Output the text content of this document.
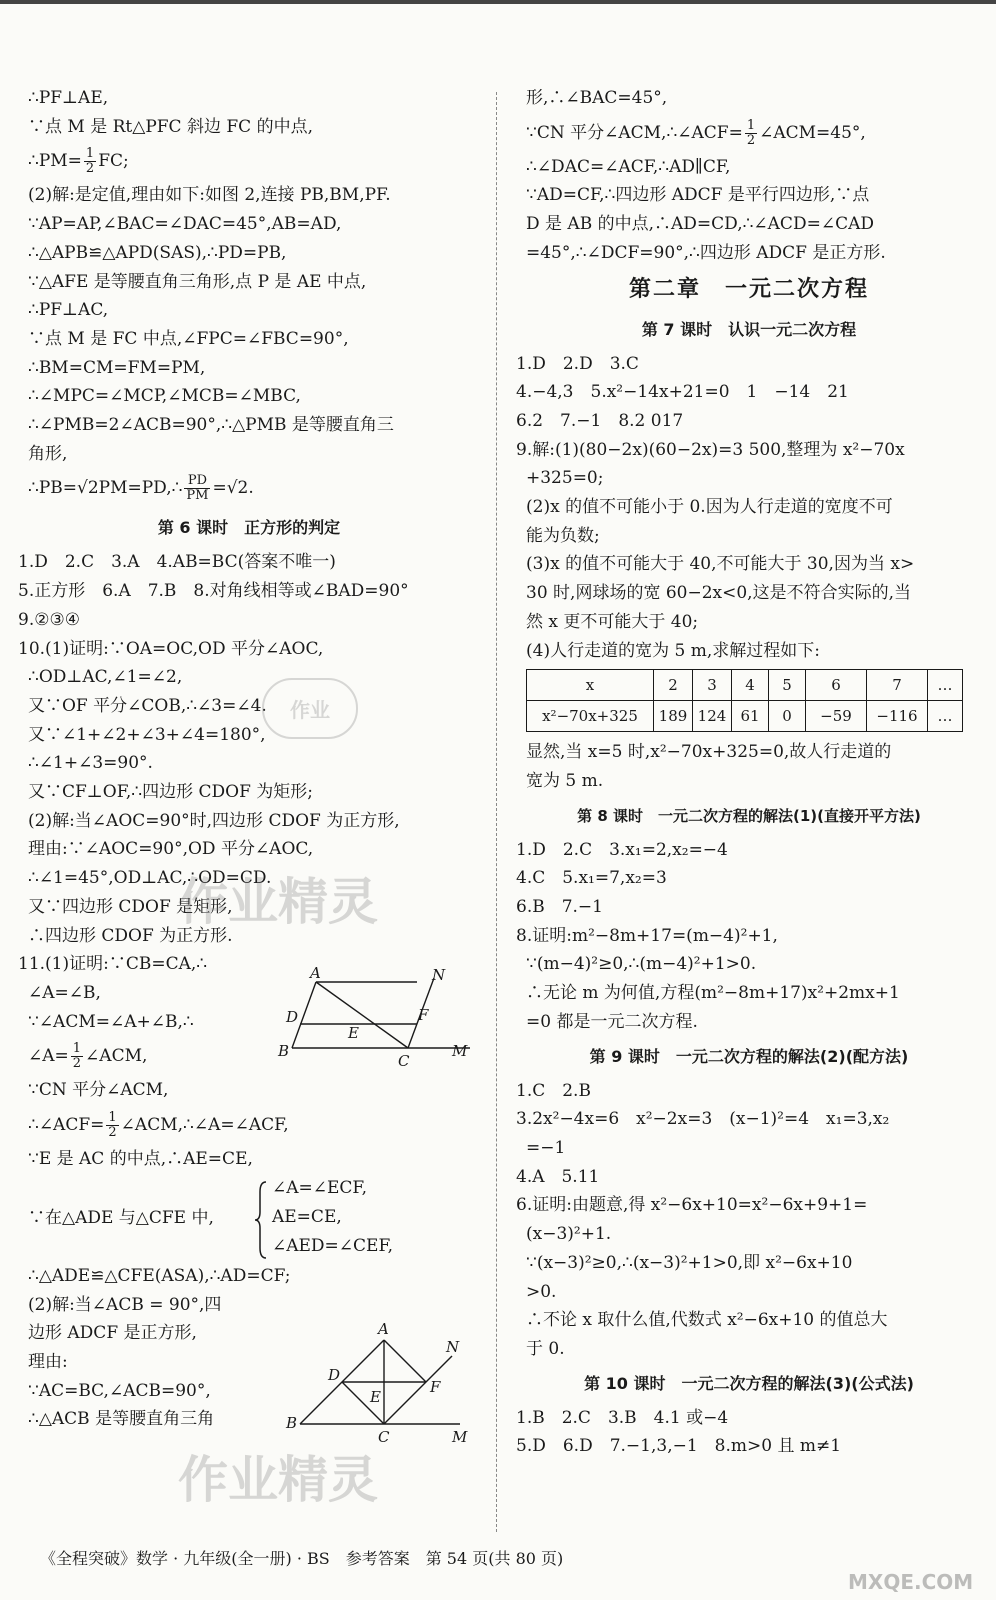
∴PF⊥AE,
∵点 M 是 Rt△PFC 斜边 FC 的中点,
∴PM= $\frac{1}{2}$ FC;
(2)解:是定值,理由如下:如图 2,连接 PB,BM,PF.
∵AP=AP,∠BAC=∠DAC=45°,AB=AD,
∴△APB≌△APD(SAS),∴PD=PB,
∵△AFE 是等腰直角三角形,点 P 是 AE 中点,
∴PF⊥AC,
∵点 M 是 FC 中点,∠FPC=∠FBC=90°,
∴BM=CM=FM=PM,
∴∠MPC=∠MCP,∠MCB=∠MBC,
∴∠PMB=2∠ACB=90°,∴△PMB 是等腰直角三
角形,
∴PB=√2PM=PD,∴ $\frac{PD}{PM} =√2$.
第 6 课时　正方形的判定
1.D　2.C　3.A　4.AB=BC(答案不唯一)
5.正方形　6.A　7.B　8.对角线相等或∠BAD=90°
9.②③④
10.(1)证明:∵OA=OC,OD 平分∠AOC,
∴OD⊥AC,∠1=∠2,
又∵OF 平分∠COB,∴∠3=∠4.
又∵∠1+∠2+∠3+∠4=180°,
∴∠1+∠3=90°.
又∵CF⊥OF,∴四边形 CDOF 为矩形;
(2)解:当∠AOC=90°时,四边形 CDOF 为正方形,
理由:∵∠AOC=90°,OD 平分∠AOC,
∴∠1=45°,OD⊥AC,∴OD=CD.
又∵四边形 CDOF 是矩形,
∴四边形 CDOF 为正方形.
11.(1)证明:∵CB=CA,∴
∠A=∠B,
∵∠ACM=∠A+∠B,∴
∠A= $\frac{1}{2}$ ∠ACM,
∵CN 平分∠ACM,
∴∠ACF= $\frac{1}{2}$ ∠ACM,∴∠A=∠ACF,
∵E 是 AC 的中点,∴AE=CE,
∵在△ADE 与△CFE 中,
∠A=∠ECF,
AE=CE,
∠AED=∠CEF,
∴△ADE≌△CFE(ASA),∴AD=CF;
(2)解:当∠ACB = 90°,四
边形 ADCF 是正方形,
理由:
∵AC=BC,∠ACB=90°,
∴△ACB 是等腰直角三角
A
B
C
D
E
F
M
N
A
B
C
D
E
F
M
N
形,∴∠BAC=45°,
∵CN 平分∠ACM,∴∠ACF= $\frac{1}{2}$ ∠ACM=45°,
∴∠DAC=∠ACF,∴AD∥CF,
∵AD=CF,∴四边形 ADCF 是平行四边形,∵点
D 是 AB 的中点,∴AD=CD,∴∠ACD=∠CAD
=45°,∴∠DCF=90°,∴四边形 ADCF 是正方形.
第二章　一元二次方程
第 7 课时　认识一元二次方程
1.D　2.D　3.C
4.−4,3　5.x²−14x+21=0　1　−14　21
6.2　7.−1　8.2 017
9.解:(1)(80−2x)(60−2x)=3 500,整理为 x²−70x
+325=0;
(2)x 的值不可能小于 0.因为人行走道的宽度不可
能为负数;
(3)x 的值不可能大于 40,不可能大于 30,因为当 x>
30 时,网球场的宽 60−2x<0,这是不符合实际的,当
然 x 更不可能大于 40;
(4)人行走道的宽为 5 m,求解过程如下:
x	2	3	4	5	6	7	…
x²−70x+325	189	124	61	0	−59	−116	…
显然,当 x=5 时,x²−70x+325=0,故人行走道的
宽为 5 m.
第 8 课时　一元二次方程的解法(1)(直接开平方法)
1.D　2.C　3.x₁=2,x₂=−4
4.C　5.x₁=7,x₂=3
6.B　7.−1
8.证明:m²−8m+17=(m−4)²+1,
∵(m−4)²≥0,∴(m−4)²+1>0.
∴无论 m 为何值,方程(m²−8m+17)x²+2mx+1
=0 都是一元二次方程.
第 9 课时　一元二次方程的解法(2)(配方法)
1.C　2.B
3.2x²−4x=6　x²−2x=3　(x−1)²=4　x₁=3,x₂
=−1
4.A　5.11
6.证明:由题意,得 x²−6x+10=x²−6x+9+1=
(x−3)²+1.
∵(x−3)²≥0,∴(x−3)²+1>0,即 x²−6x+10
>0.
∴不论 x 取什么值,代数式 x²−6x+10 的值总大
于 0.
第 10 课时　一元二次方程的解法(3)(公式法)
1.B　2.C　3.B　4.1 或−4
5.D　6.D　7.−1,3,−1　8.m>0 且 m≠1
作业
作业精灵
作业精灵
MXQE.COM
《全程突破》数学 · 九年级(全一册) · BS　参考答案　第 54 页(共 80 页)
